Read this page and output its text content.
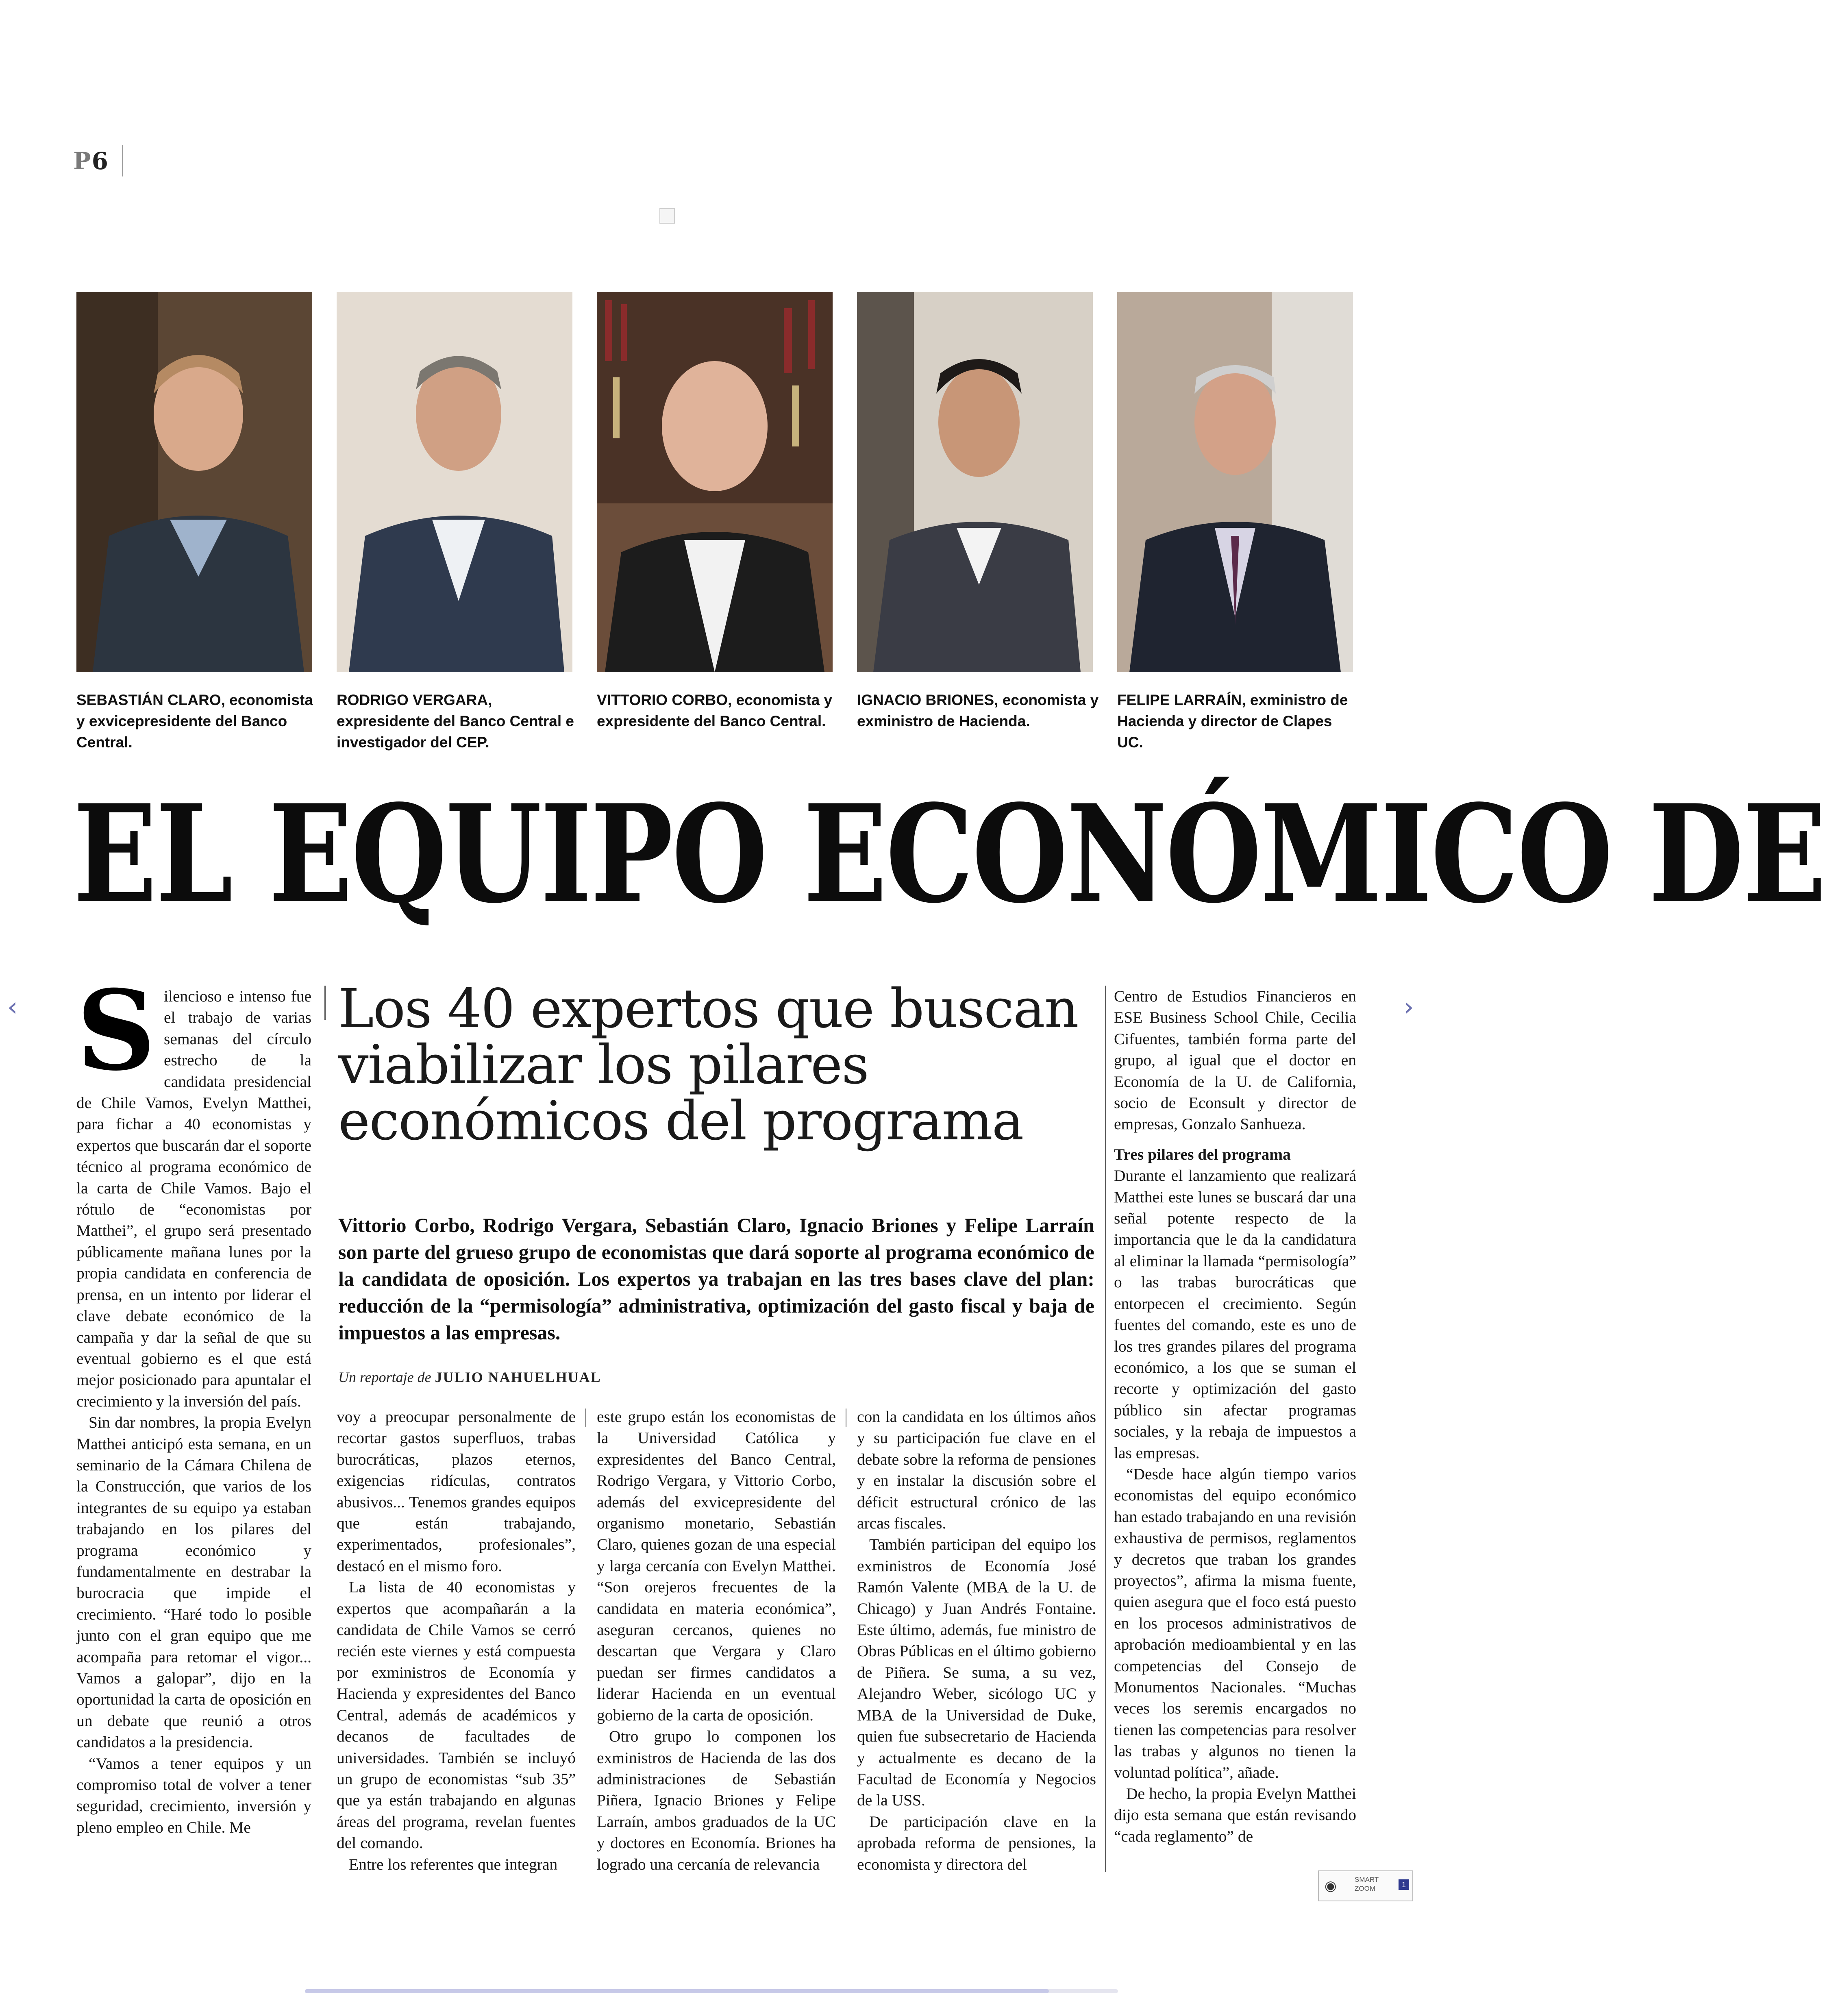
P6
SEBASTIÁN CLARO, economista y exvicepresidente del Banco Central.
RODRIGO VERGARA, expresidente del Banco Central e investigador del CEP.
VITTORIO CORBO, economista y expresidente del Banco Central.
IGNACIO BRIONES, economista y exministro de Hacienda.
FELIPE LARRAÍN, exministro de Hacienda y director de Clapes UC.
EL EQUIPO ECONÓMICO DE
‹	›
S ilencioso e intenso fue el trabajo de varias semanas del círculo estrecho de la candidata presidencial de Chile Vamos, Evelyn Matthei, para fichar a 40 economistas y expertos que buscarán dar el soporte técnico al programa económico de la carta de Chile Vamos. Bajo el rótulo de “economistas por Matthei”, el grupo será presentado públicamente mañana lunes por la propia candidata en conferencia de prensa, en un intento por liderar el clave debate económico de la campaña y dar la señal de que su eventual gobierno es el que está mejor posicionado para apuntalar el crecimiento y la inversión del país.

Sin dar nombres, la propia Evelyn Matthei anticipó esta semana, en un seminario de la Cámara Chilena de la Construcción, que varios de los integrantes de su equipo ya estaban trabajando en los pilares del programa económico y fundamentalmente en destrabar la burocracia que impide el crecimiento. “Haré todo lo posible junto con el gran equipo que me acompaña para retomar el vigor... Vamos a galopar”, dijo en la oportunidad la carta de oposición en un debate que reunió a otros candidatos a la presidencia.

“Vamos a tener equipos y un compromiso total de volver a tener seguridad, crecimiento, inversión y pleno empleo en Chile. Me

Los 40 expertos que buscan viabilizar los pilares económicos del programa
Vittorio Corbo, Rodrigo Vergara, Sebastián Claro, Ignacio Briones y Felipe Larraín son parte del grueso grupo de economistas que dará soporte al programa económico de la candidata de oposición. Los expertos ya trabajan en las tres bases clave del plan: reducción de la “permisología” administrativa, optimización del gasto fiscal y baja de impuestos a las empresas.
Un reportaje de JULIO NAHUELHUAL

voy a preocupar personalmente de recortar gastos superfluos, trabas burocráticas, plazos eternos, exigencias ridículas, contratos abusivos... Tenemos grandes equipos que están trabajando, experimentados, profesionales”, destacó en el mismo foro.

La lista de 40 economistas y expertos que acompañarán a la candidata de Chile Vamos se cerró recién este viernes y está compuesta por exministros de Economía y Hacienda y expresidentes del Banco Central, además de académicos y decanos de facultades de universidades. También se incluyó un grupo de economistas “sub 35” que ya están trabajando en algunas áreas del programa, revelan fuentes del comando.

Entre los referentes que integran

este grupo están los economistas de la Universidad Católica y expresidentes del Banco Central, Rodrigo Vergara, y Vittorio Corbo, además del exvicepresidente del organismo monetario, Sebastián Claro, quienes gozan de una especial y larga cercanía con Evelyn Matthei. “Son orejeros frecuentes de la candidata en materia económica”, aseguran cercanos, quienes no descartan que Vergara y Claro puedan ser firmes candidatos a liderar Hacienda en un eventual gobierno de la carta de oposición.

Otro grupo lo componen los exministros de Hacienda de las dos administraciones de Sebastián Piñera, Ignacio Briones y Felipe Larraín, ambos graduados de la UC y doctores en Economía. Briones ha logrado una cercanía de relevancia

con la candidata en los últimos años y su participación fue clave en el debate sobre la reforma de pensiones y en instalar la discusión sobre el déficit estructural crónico de las arcas fiscales.

También participan del equipo los exministros de Economía José Ramón Valente (MBA de la U. de Chicago) y Juan Andrés Fontaine. Este último, además, fue ministro de Obras Públicas en el último gobierno de Piñera. Se suma, a su vez, Alejandro Weber, sicólogo UC y MBA de la Universidad de Duke, quien fue subsecretario de Hacienda y actualmente es decano de la Facultad de Economía y Negocios de la USS.

De participación clave en la aprobada reforma de pensiones, la economista y directora del

Centro de Estudios Financieros en ESE Business School Chile, Cecilia Cifuentes, también forma parte del grupo, al igual que el doctor en Economía de la U. de California, socio de Econsult y director de empresas, Gonzalo Sanhueza.

Tres pilares del programa

Durante el lanzamiento que realizará Matthei este lunes se buscará dar una señal potente respecto de la importancia que le da la candidatura al eliminar la llamada “permisología” o las trabas burocráticas que entorpecen el crecimiento. Según fuentes del comando, este es uno de los tres grandes pilares del programa económico, a los que se suman el recorte y optimización del gasto público sin afectar programas sociales, y la rebaja de impuestos a las empresas.

“Desde hace algún tiempo varios economistas del equipo económico han estado trabajando en una revisión exhaustiva de permisos, reglamentos y decretos que traban los grandes proyectos”, afirma la misma fuente, quien asegura que el foco está puesto en los procesos administrativos de aprobación medioambiental y en las competencias del Consejo de Monumentos Nacionales. “Muchas veces los seremis encargados no tienen las competencias para resolver las trabas y algunos no tienen la voluntad política”, añade.

De hecho, la propia Evelyn Matthei dijo esta semana que están revisando “cada reglamento” de

◉	SMART
ZOOM	1
